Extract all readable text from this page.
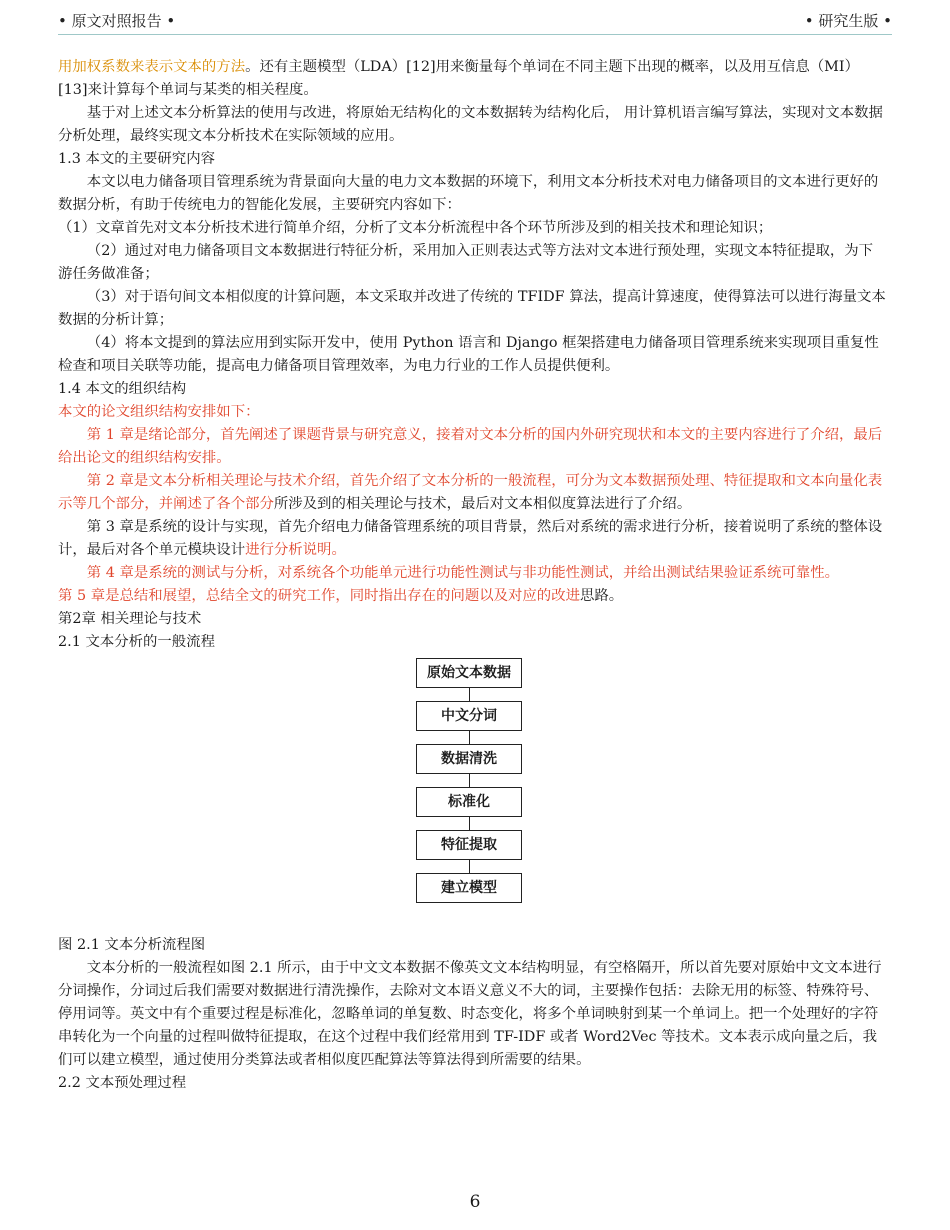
• 原文对照报告 •	• 研究生版 •

用加权系数来表示文本的方法。还有主题模型（LDA）[12]用来衡量每个单词在不同主题下出现的概率，以及用互信息（MI）[13]来计算每个单词与某类的相关程度。

基于对上述文本分析算法的使用与改进，将原始无结构化的文本数据转为结构化后， 用计算机语言编写算法，实现对文本数据分析处理，最终实现文本分析技术在实际领域的应用。

1.3 本文的主要研究内容

本文以电力储备项目管理系统为背景面向大量的电力文本数据的环境下，利用文本分析技术对电力储备项目的文本进行更好的数据分析，有助于传统电力的智能化发展，主要研究内容如下：

（1）文章首先对文本分析技术进行简单介绍，分析了文本分析流程中各个环节所涉及到的相关技术和理论知识；

（2）通过对电力储备项目文本数据进行特征分析，采用加入正则表达式等方法对文本进行预处理，实现文本特征提取，为下游任务做准备；

（3）对于语句间文本相似度的计算问题，本文采取并改进了传统的 TFIDF 算法，提高计算速度，使得算法可以进行海量文本数据的分析计算；

（4）将本文提到的算法应用到实际开发中，使用 Python 语言和 Django 框架搭建电力储备项目管理系统来实现项目重复性检查和项目关联等功能，提高电力储备项目管理效率，为电力行业的工作人员提供便利。

1.4 本文的组织结构

本文的论文组织结构安排如下：

第 1 章是绪论部分，首先阐述了课题背景与研究意义，接着对文本分析的国内外研究现状和本文的主要内容进行了介绍，最后给出论文的组织结构安排。

第 2 章是文本分析相关理论与技术介绍，首先介绍了文本分析的一般流程，可分为文本数据预处理、特征提取和文本向量化表示等几个部分，并阐述了各个部分所涉及到的相关理论与技术，最后对文本相似度算法进行了介绍。

第 3 章是系统的设计与实现，首先介绍电力储备管理系统的项目背景，然后对系统的需求进行分析，接着说明了系统的整体设计，最后对各个单元模块设计进行分析说明。

第 4 章是系统的测试与分析，对系统各个功能单元进行功能性测试与非功能性测试，并给出测试结果验证系统可靠性。

第 5 章是总结和展望，总结全文的研究工作，同时指出存在的问题以及对应的改进思路。

第2章 相关理论与技术

2.1 文本分析的一般流程

原始文本数据
中文分词
数据清洗
标准化
特征提取
建立模型

图 2.1 文本分析流程图

文本分析的一般流程如图 2.1 所示，由于中文文本数据不像英文文本结构明显，有空格隔开，所以首先要对原始中文文本进行分词操作，分词过后我们需要对数据进行清洗操作，去除对文本语义意义不大的词，主要操作包括：去除无用的标签、特殊符号、停用词等。英文中有个重要过程是标准化，忽略单词的单复数、时态变化，将多个单词映射到某一个单词上。把一个处理好的字符串转化为一个向量的过程叫做特征提取，在这个过程中我们经常用到 TF-IDF 或者 Word2Vec 等技术。文本表示成向量之后，我们可以建立模型，通过使用分类算法或者相似度匹配算法等算法得到所需要的结果。

2.2 文本预处理过程

6
